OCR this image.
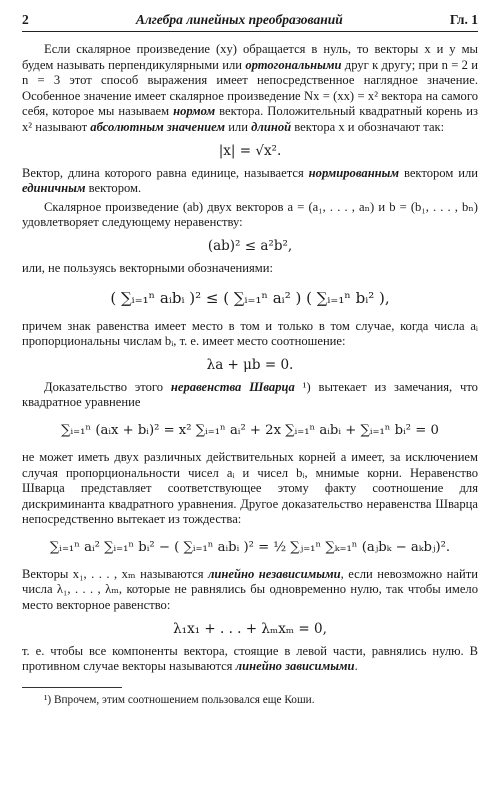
2	Алгебра линейных преобразований	Гл. 1

Если скалярное произведение (xy) обращается в нуль, то векторы x и y мы будем называть перпендикулярными или ортогональными друг к другу; при n = 2 и n = 3 этот способ выражения имеет непосредственное наглядное значение. Особенное значение имеет скалярное произведение Nx = (xx) = x² вектора на самого себя, которое мы называем нормом вектора. Положительный квадратный корень из x² называют абсолютным значением или длиной вектора x и обозначают так:

|x| = √x².

Вектор, длина которого равна единице, называется нормированным вектором или единичным вектором.

Скалярное произведение (ab) двух векторов a = (a₁, . . . , aₙ) и b = (b₁, . . . , bₙ) удовлетворяет следующему неравенству:

(ab)² ≤ a²b²,

или, не пользуясь векторными обозначениями:

( ∑ᵢ₌₁ⁿ aᵢbᵢ )² ≤ ( ∑ᵢ₌₁ⁿ aᵢ² ) ( ∑ᵢ₌₁ⁿ bᵢ² ),

причем знак равенства имеет место в том и только в том случае, когда числа aᵢ пропорциональны числам bᵢ, т. е. имеет место соотношение:

λa + μb = 0.

Доказательство этого неравенства Шварца ¹) вытекает из замечания, что квадратное уравнение

∑ᵢ₌₁ⁿ (aᵢx + bᵢ)² = x² ∑ᵢ₌₁ⁿ aᵢ² + 2x ∑ᵢ₌₁ⁿ aᵢbᵢ + ∑ᵢ₌₁ⁿ bᵢ² = 0

не может иметь двух различных действительных корней а имеет, за исключением случая пропорциональности чисел aᵢ и чисел bᵢ, мнимые корни. Неравенство Шварца представляет соответствующее этому факту соотношение для дискриминанта квадратного уравнения. Другое доказательство неравенства Шварца непосредственно вытекает из тождества:

∑ᵢ₌₁ⁿ aᵢ² ∑ᵢ₌₁ⁿ bᵢ² − ( ∑ᵢ₌₁ⁿ aᵢbᵢ )² = ½ ∑ⱼ₌₁ⁿ ∑ₖ₌₁ⁿ (aⱼbₖ − aₖbⱼ)².

Векторы x₁, . . . , xₘ называются линейно независимыми, если невозможно найти числа λ₁, . . . , λₘ, которые не равнялись бы одновременно нулю, так чтобы имело место векторное равенство:

λ₁x₁ + . . . + λₘxₘ = 0,

т. е. чтобы все компоненты вектора, стоящие в левой части, равнялись нулю. В противном случае векторы называются линейно зависимыми.

¹) Впрочем, этим соотношением пользовался еще Коши.
